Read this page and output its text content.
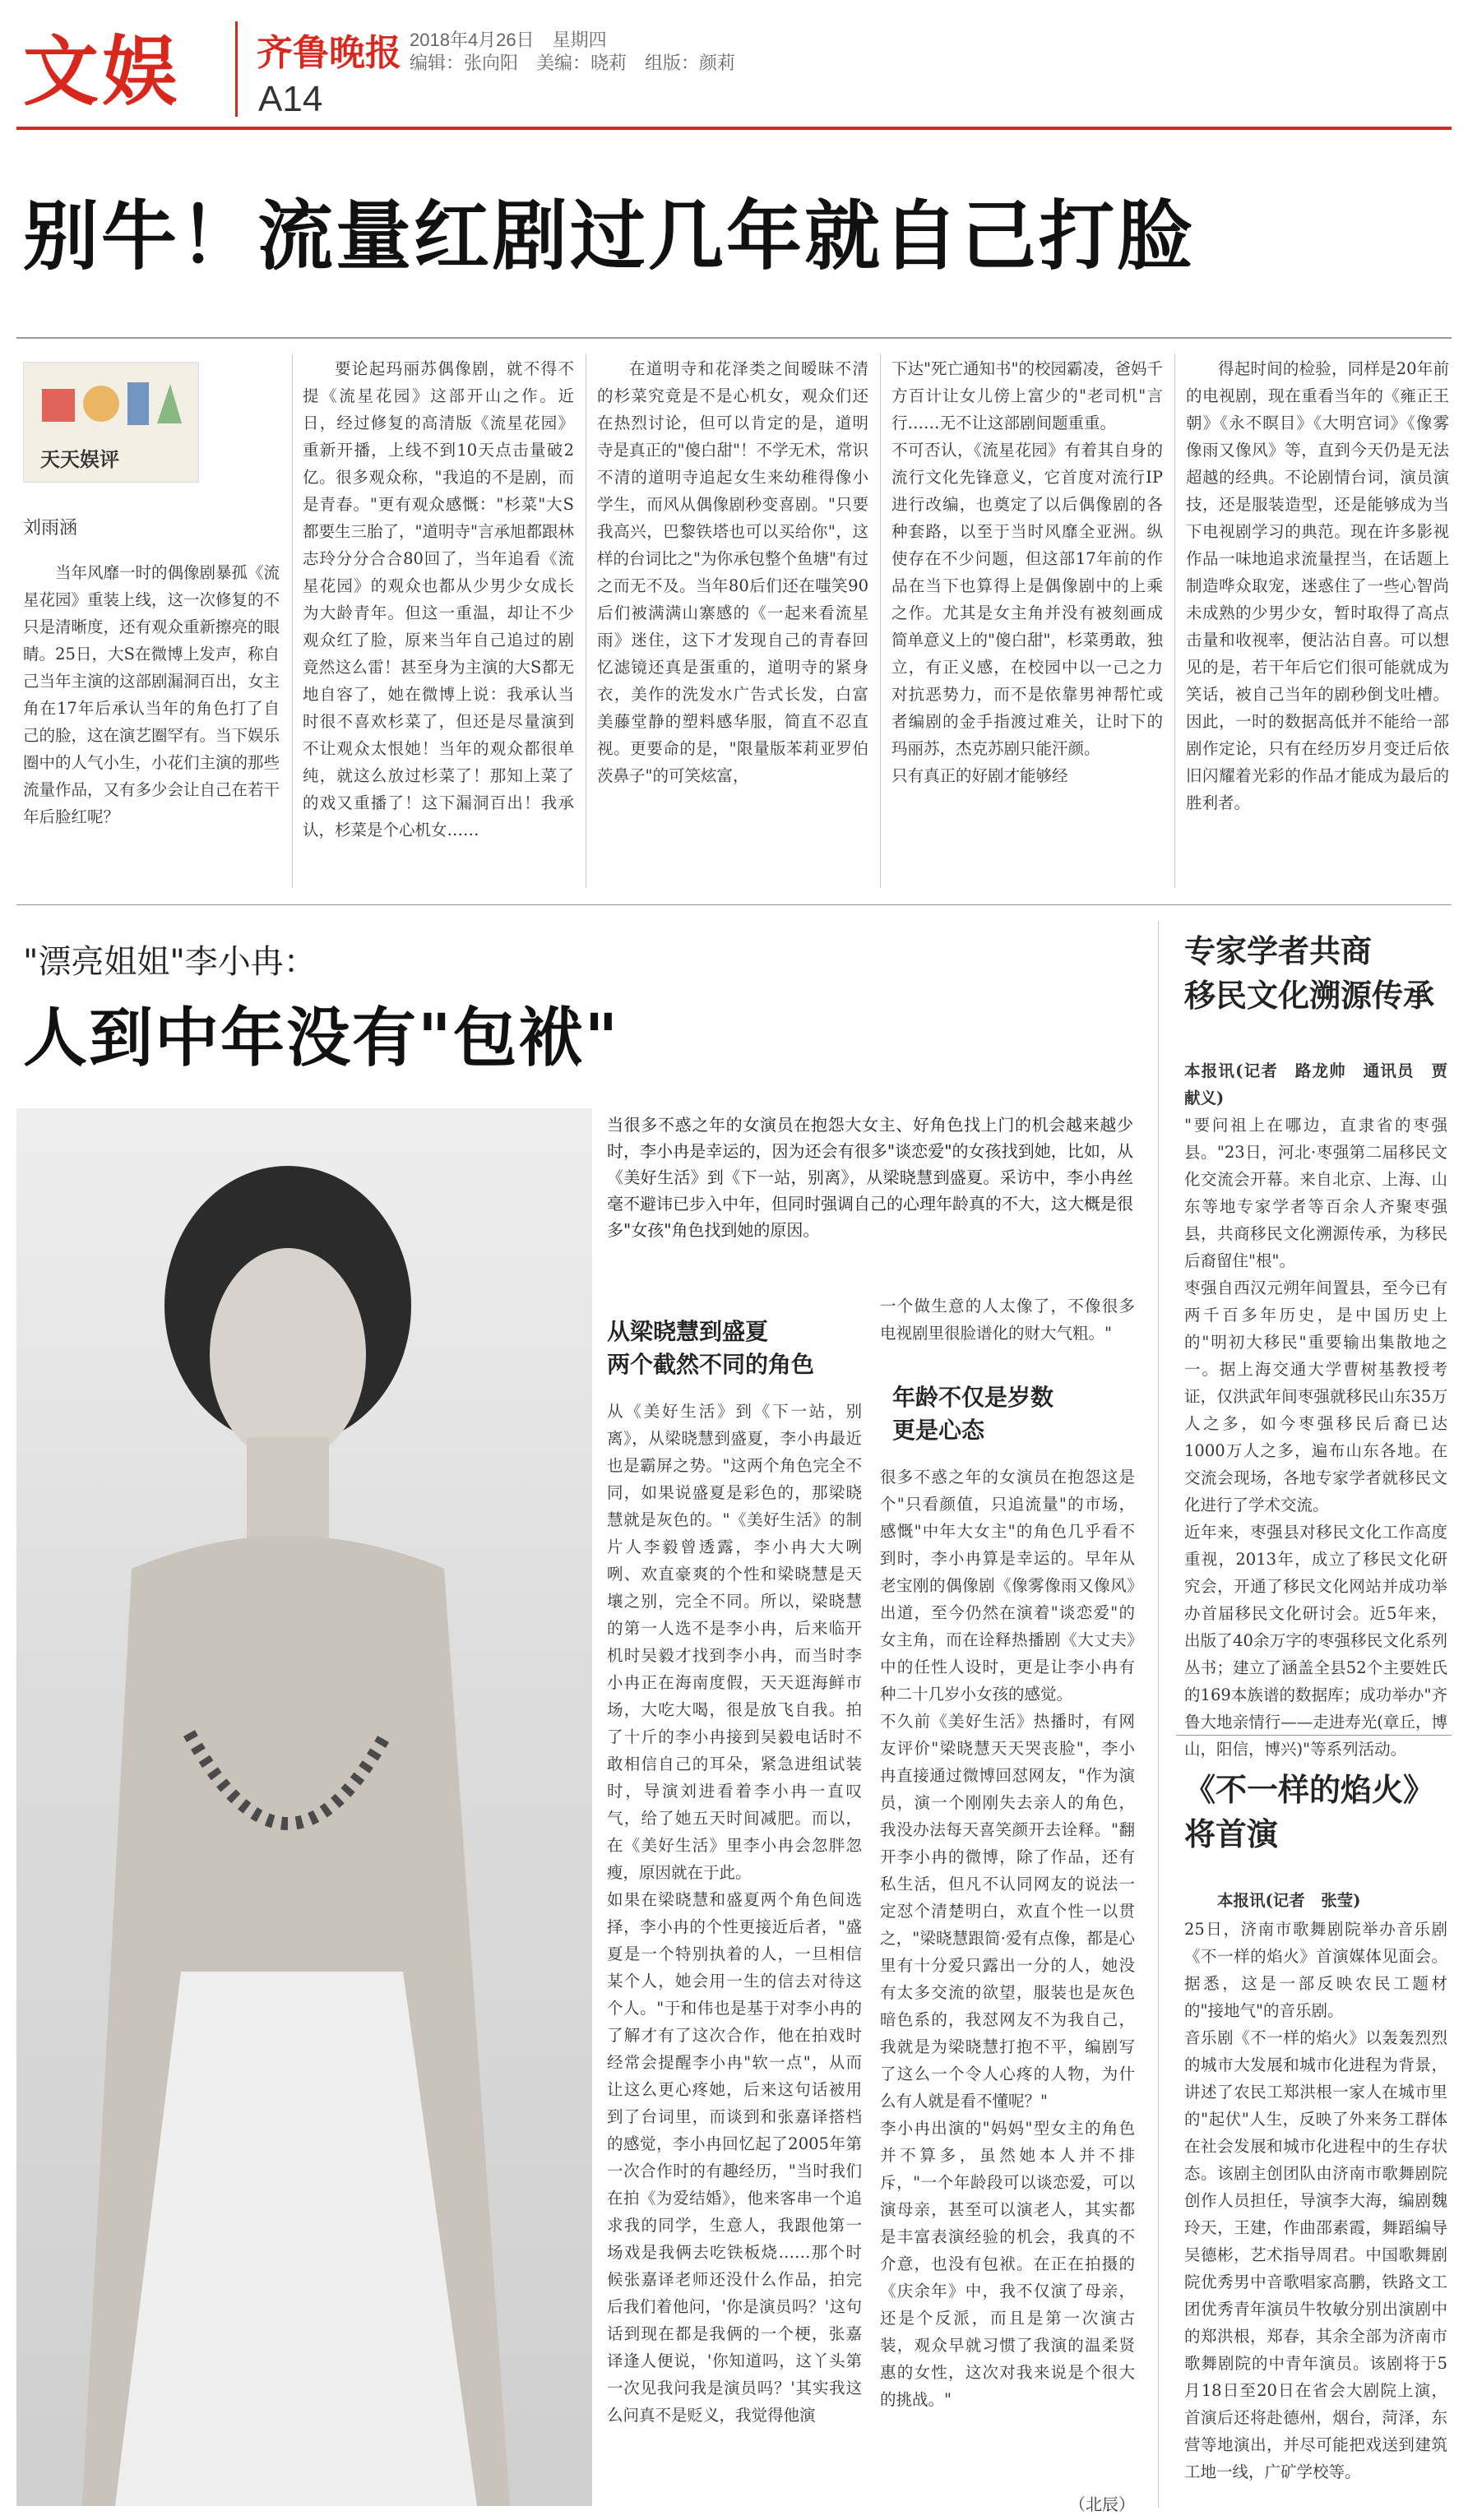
文娱 齐鲁晚报
A14
2018年4月26日　星期四
编辑：张向阳　美编：晓莉　组版：颜莉
别牛！流量红剧过几年就自己打脸
天天娱评
刘雨涵

当年风靡一时的偶像剧暴孤《流星花园》重装上线，这一次修复的不只是清晰度，还有观众重新擦亮的眼睛。25日，大S在微博上发声，称自己当年主演的这部剧漏洞百出，女主角在17年后承认当年的角色打了自己的脸，这在演艺圈罕有。当下娱乐圈中的人气小生，小花们主演的那些流量作品，又有多少会让自己在若干年后脸红呢？

要论起玛丽苏偶像剧，就不得不提《流星花园》这部开山之作。近日，经过修复的高清版《流星花园》重新开播，上线不到10天点击量破2亿。很多观众称，"我追的不是剧，而是青春。"更有观众感慨："杉菜"大S都要生三胎了，"道明寺"言承旭都跟林志玲分分合合80回了，当年追看《流星花园》的观众也都从少男少女成长为大龄青年。但这一重温，却让不少观众红了脸，原来当年自己追过的剧竟然这么雷！甚至身为主演的大S都无地自容了，她在微博上说：我承认当时很不喜欢杉菜了，但还是尽量演到不让观众太恨她！当年的观众都很单纯，就这么放过杉菜了！那知上菜了的戏又重播了！这下漏洞百出！我承认，杉菜是个心机女……

在道明寺和花泽类之间暧昧不清的杉菜究竟是不是心机女，观众们还在热烈讨论，但可以肯定的是，道明寺是真正的"傻白甜"！不学无术，常识不清的道明寺追起女生来幼稚得像小学生，而风从偶像剧秒变喜剧。"只要我高兴，巴黎铁塔也可以买给你"，这样的台词比之"为你承包整个鱼塘"有过之而无不及。当年80后们还在嗤笑90后们被满满山寨感的《一起来看流星雨》迷住，这下才发现自己的青春回忆滤镜还真是蛋重的，道明寺的紧身衣，美作的洗发水广告式长发，白富美藤堂静的塑料感华服，简直不忍直视。更要命的是，"限量版苯莉亚罗伯茨鼻子"的可笑炫富，

下达"死亡通知书"的校园霸凌，爸妈千方百计让女儿傍上富少的"老司机"言行……无不让这部剧间题重重。
不可否认，《流星花园》有着其自身的流行文化先锋意义，它首度对流行IP进行改编，也奠定了以后偶像剧的各种套路，以至于当时风靡全亚洲。纵使存在不少问题，但这部17年前的作品在当下也算得上是偶像剧中的上乘之作。尤其是女主角并没有被刻画成简单意义上的"傻白甜"，杉菜勇敢，独立，有正义感，在校园中以一己之力对抗恶势力，而不是依靠男神帮忙或者编剧的金手指渡过难关，让时下的玛丽苏，杰克苏剧只能汗颜。
只有真正的好剧才能够经

得起时间的检验，同样是20年前的电视剧，现在重看当年的《雍正王朝》《永不瞑目》《大明宫词》《像雾像雨又像风》等，直到今天仍是无法超越的经典。不论剧情台词，演员演技，还是服装造型，还是能够成为当下电视剧学习的典范。现在许多影视作品一味地追求流量捏当，在话题上制造哗众取宠，迷惑住了一些心智尚未成熟的少男少女，暂时取得了高点击量和收视率，便沾沾自喜。可以想见的是，若干年后它们很可能就成为笑话，被自己当年的剧秒倒戈吐槽。因此，一时的数据高低并不能给一部剧作定论，只有在经历岁月变迁后依旧闪耀着光彩的作品才能成为最后的胜利者。

"漂亮姐姐"李小冉：
人到中年没有"包袱"
当很多不惑之年的女演员在抱怨大女主、好角色找上门的机会越来越少时，李小冉是幸运的，因为还会有很多"谈恋爱"的女孩找到她，比如，从《美好生活》到《下一站，别离》，从梁晓慧到盛夏。采访中，李小冉丝毫不避讳已步入中年，但同时强调自己的心理年龄真的不大，这大概是很多"女孩"角色找到她的原因。
从梁晓慧到盛夏
两个截然不同的角色
从《美好生活》到《下一站，别离》，从梁晓慧到盛夏，李小冉最近也是霸屏之势。"这两个角色完全不同，如果说盛夏是彩色的，那梁晓慧就是灰色的。"《美好生活》的制片人李毅曾透露，李小冉大大咧咧、欢直豪爽的个性和梁晓慧是天壤之别，完全不同。所以，梁晓慧的第一人选不是李小冉，后来临开机时吴毅才找到李小冉，而当时李小冉正在海南度假，天天逛海鲜市场，大吃大喝，很是放飞自我。拍了十斤的李小冉接到吴毅电话时不敢相信自己的耳朵，紧急进组试装时，导演刘进看着李小冉一直叹气，给了她五天时间减肥。而以，在《美好生活》里李小冉会忽胖忽瘦，原因就在于此。
如果在梁晓慧和盛夏两个角色间选择，李小冉的个性更接近后者，"盛夏是一个特别执着的人，一旦相信某个人，她会用一生的信去对待这个人。"于和伟也是基于对李小冉的了解才有了这次合作，他在拍戏时经常会提醒李小冉"软一点"，从而让这么更心疼她，后来这句话被用到了台词里，而谈到和张嘉译搭档的感觉，李小冉回忆起了2005年第一次合作时的有趣经历，"当时我们在拍《为爱结婚》，他来客串一个追求我的同学，生意人，我跟他第一场戏是我俩去吃铁板烧……那个时候张嘉译老师还没什么作品，拍完后我们着他问，'你是演员吗？'这句话到现在都是我俩的一个梗，张嘉译逢人便说，'你知道吗，这丫头第一次见我问我是演员吗？'其实我这么问真不是贬义，我觉得他演
一个做生意的人太像了，不像很多电视剧里很脸谱化的财大气粗。"
年龄不仅是岁数
更是心态
很多不惑之年的女演员在抱怨这是个"只看颜值，只追流量"的市场，感慨"中年大女主"的角色几乎看不到时，李小冉算是幸运的。早年从老宝刚的偶像剧《像雾像雨又像风》出道，至今仍然在演着"谈恋爱"的女主角，而在诠释热播剧《大丈夫》中的任性人设时，更是让李小冉有种二十几岁小女孩的感觉。
不久前《美好生活》热播时，有网友评价"梁晓慧天天哭丧脸"，李小冉直接通过微博回怼网友，"作为演员，演一个刚刚失去亲人的角色，我没办法每天喜笑颜开去诠释。"翻开李小冉的微博，除了作品，还有私生活，但凡不认同网友的说法一定怼个清楚明白，欢直个性一以贯之，"梁晓慧跟简·爱有点像，都是心里有十分爱只露出一分的人，她没有太多交流的欲望，服装也是灰色暗色系的，我怼网友不为我自己，我就是为梁晓慧打抱不平，编剧写了这么一个令人心疼的人物，为什么有人就是看不懂呢？"
李小冉出演的"妈妈"型女主的角色并不算多，虽然她本人并不排斥，"一个年龄段可以谈恋爱，可以演母亲，甚至可以演老人，其实都是丰富表演经验的机会，我真的不介意，也没有包袱。在正在拍摄的《庆余年》中，我不仅演了母亲，还是个反派，而且是第一次演古装，观众早就习惯了我演的温柔贤惠的女性，这次对我来说是个很大的挑战。"
（北辰）
专家学者共商
移民文化溯源传承
本报讯(记者　路龙帅　通讯员　贾献义)
"要问祖上在哪边，直隶省的枣强县。"23日，河北·枣强第二届移民文化交流会开幕。来自北京、上海、山东等地专家学者等百余人齐聚枣强县，共商移民文化溯源传承，为移民后裔留住"根"。
枣强自西汉元朔年间置县，至今已有两千百多年历史，是中国历史上的"明初大移民"重要输出集散地之一。据上海交通大学曹树基教授考证，仅洪武年间枣强就移民山东35万人之多，如今枣强移民后裔已达1000万人之多，遍布山东各地。在交流会现场，各地专家学者就移民文化进行了学术交流。
近年来，枣强县对移民文化工作高度重视，2013年，成立了移民文化研究会，开通了移民文化网站并成功举办首届移民文化研讨会。近5年来，出版了40余万字的枣强移民文化系列丛书；建立了涵盖全县52个主要姓氏的169本族谱的数据库；成功举办"齐鲁大地亲情行——走进寿光(章丘，博山，阳信，博兴)"等系列活动。
《不一样的焰火》
将首演
本报讯(记者　张莹)
25日，济南市歌舞剧院举办音乐剧《不一样的焰火》首演媒体见面会。据悉，这是一部反映农民工题材的"接地气"的音乐剧。
音乐剧《不一样的焰火》以轰轰烈烈的城市大发展和城市化进程为背景，讲述了农民工郑洪根一家人在城市里的"起伏"人生，反映了外来务工群体在社会发展和城市化进程中的生存状态。该剧主创团队由济南市歌舞剧院创作人员担任，导演李大海，编剧魏玲天，王建，作曲邵素霞，舞蹈编导吴德彬，艺术指导周君。中国歌舞剧院优秀男中音歌唱家高鹏，铁路文工团优秀青年演员牛牧敏分别出演剧中的郑洪根，郑春，其余全部为济南市歌舞剧院的中青年演员。该剧将于5月18日至20日在省会大剧院上演，首演后还将赴德州，烟台，菏泽，东营等地演出，并尽可能把戏送到建筑工地一线，广矿学校等。
